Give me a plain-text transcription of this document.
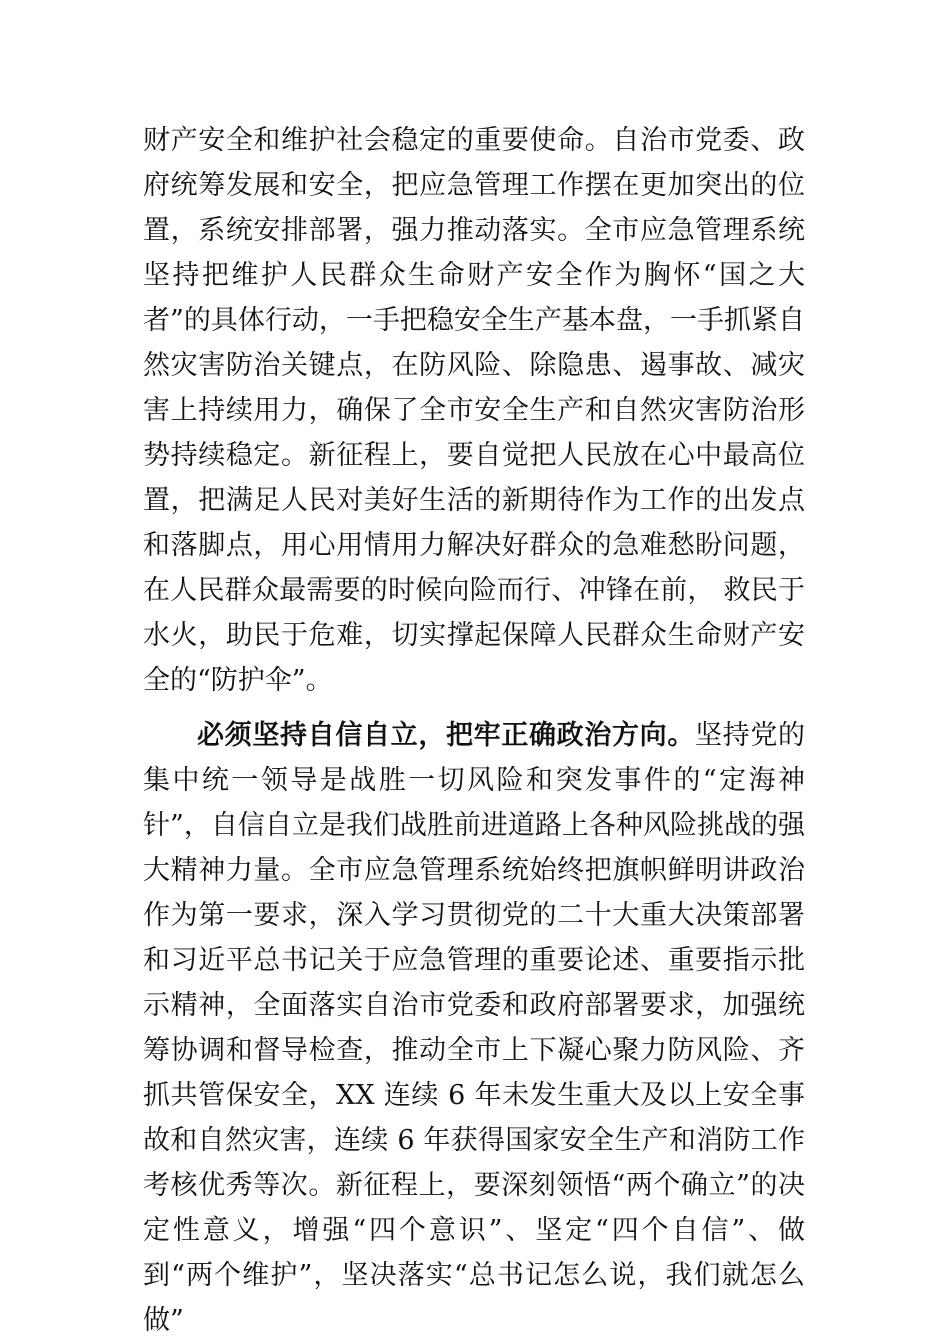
财产安全和维护社会稳定的重要使命。自治市党委、政府统筹发展和安全，把应急管理工作摆在更加突出的位置，系统安排部署，强力推动落实。全市应急管理系统坚持把维护人民群众生命财产安全作为胸怀“国之大者”的具体行动，一手把稳安全生产基本盘，一手抓紧自然灾害防治关键点，在防风险、除隐患、遏事故、减灾害上持续用力，确保了全市安全生产和自然灾害防治形势持续稳定。新征程上，要自觉把人民放在心中最高位置，把满足人民对美好生活的新期待作为工作的出发点和落脚点，用心用情用力解决好群众的急难愁盼问题，在人民群众最需要的时候向险而行、冲锋在前， 救民于水火，助民于危难，切实撑起保障人民群众生命财产安全的“防护伞”。

必须坚持自信自立，把牢正确政治方向。坚持党的集中统一领导是战胜一切风险和突发事件的“定海神针”，自信自立是我们战胜前进道路上各种风险挑战的强大精神力量。全市应急管理系统始终把旗帜鲜明讲政治作为第一要求，深入学习贯彻党的二十大重大决策部署和习近平总书记关于应急管理的重要论述、重要指示批示精神，全面落实自治市党委和政府部署要求，加强统筹协调和督导检查，推动全市上下凝心聚力防风险、齐抓共管保安全，XX 连续 6 年未发生重大及以上安全事故和自然灾害，连续 6 年获得国家安全生产和消防工作考核优秀等次。新征程上，要深刻领悟“两个确立”的决定性意义，增强“四个意识”、坚定“四个自信”、做到“两个维护”，坚决落实“总书记怎么说，我们就怎么做”
